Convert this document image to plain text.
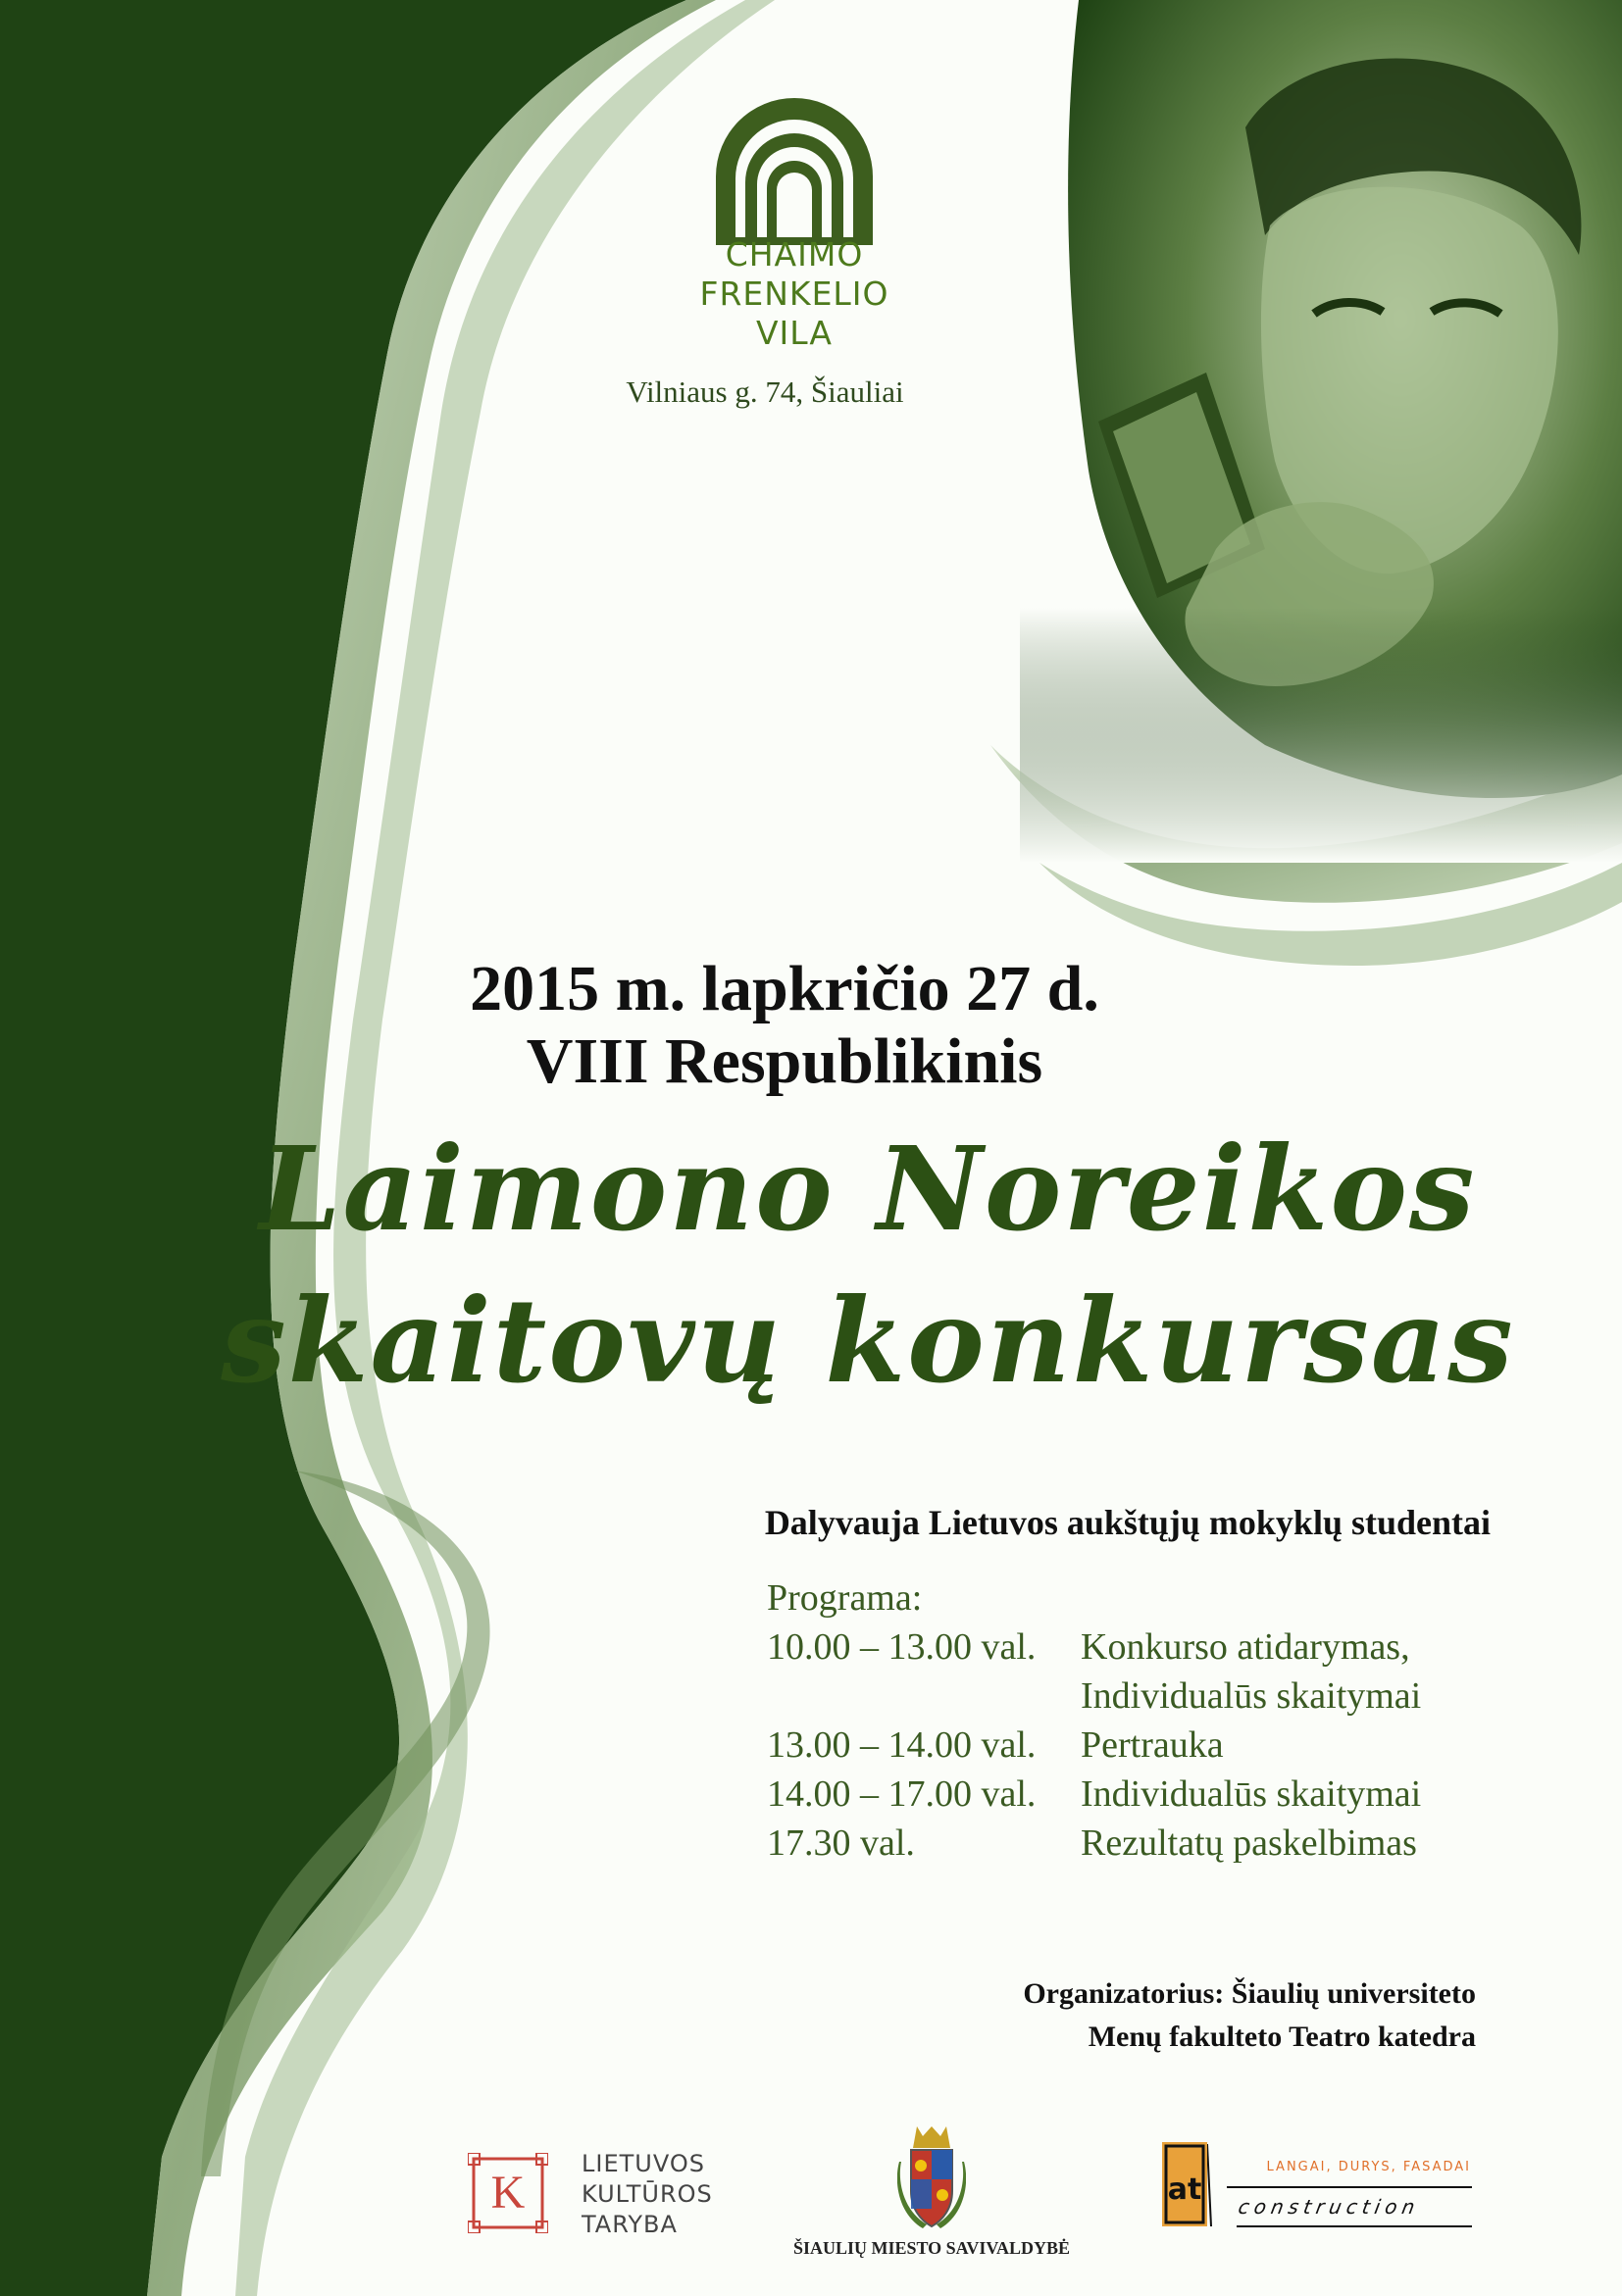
CHAIMO
FRENKELIO
VILA
Vilniaus g. 74, Šiauliai
2015 m. lapkričio 27 d.
VIII Respublikinis
Laimono Noreikos
skaitovų konkursas
Dalyvauja Lietuvos aukštųjų mokyklų studentai
Programa:
10.00 – 13.00 val. Konkurso atidarymas,
Individualūs skaitymai
13.00 – 14.00 val. Pertrauka
14.00 – 17.00 val. Individualūs skaitymai
17.30 val.	Rezultatų paskelbimas
Organizatorius: Šiaulių universiteto
Menų fakulteto Teatro katedra
K
LIETUVOS
KULTŪROS
TARYBA
ŠIAULIŲ MIESTO SAVIVALDYBĖ
at
LANGAI, DURYS, FASADAI
construction
